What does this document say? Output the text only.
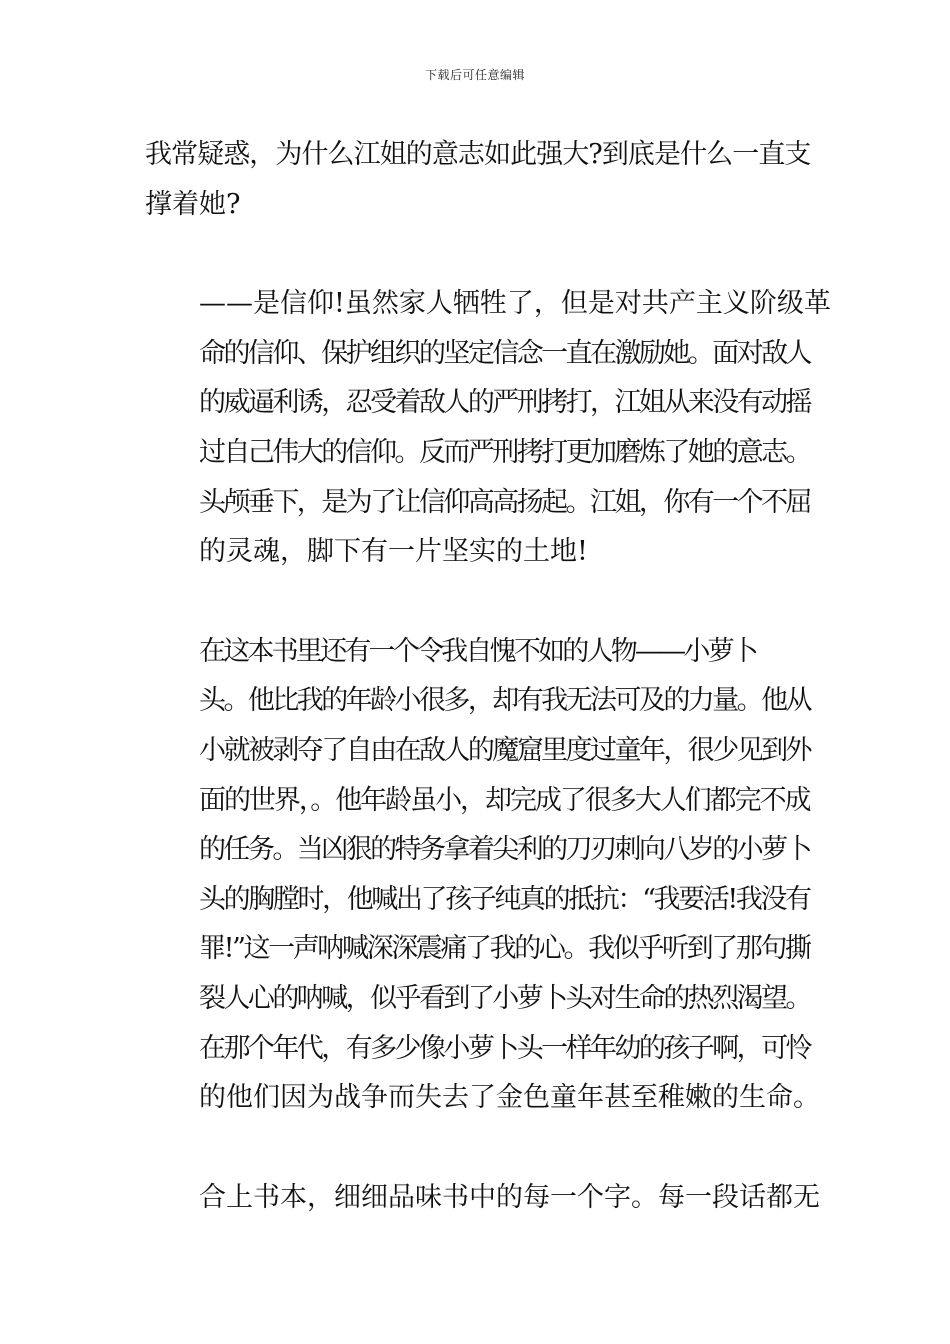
下载后可任意编辑

我常疑惑，为什么江姐的意志如此强大?到底是什么一直支
撑着她?

——是信仰!虽然家人牺牲了，但是对共产主义阶级革
命的信仰、保护组织的坚定信念一直在激励她。面对敌人
的威逼利诱，忍受着敌人的严刑拷打，江姐从来没有动摇
过自己伟大的信仰。反而严刑拷打更加磨炼了她的意志。
头颅垂下，是为了让信仰高高扬起。江姐，你有一个不屈
的灵魂，脚下有一片坚实的土地!

在这本书里还有一个令我自愧不如的人物——小萝卜
头。他比我的年龄小很多，却有我无法可及的力量。他从
小就被剥夺了自由在敌人的魔窟里度过童年，很少见到外
面的世界，。他年龄虽小，却完成了很多大人们都完不成
的任务。当凶狠的特务拿着尖利的刀刃刺向八岁的小萝卜
头的胸膛时，他喊出了孩子纯真的抵抗：“我要活!我没有
罪!”这一声呐喊深深震痛了我的心。我似乎听到了那句撕
裂人心的呐喊，似乎看到了小萝卜头对生命的热烈渴望。
在那个年代，有多少像小萝卜头一样年幼的孩子啊，可怜
的他们因为战争而失去了金色童年甚至稚嫩的生命。

合上书本，细细品味书中的每一个字。每一段话都无
